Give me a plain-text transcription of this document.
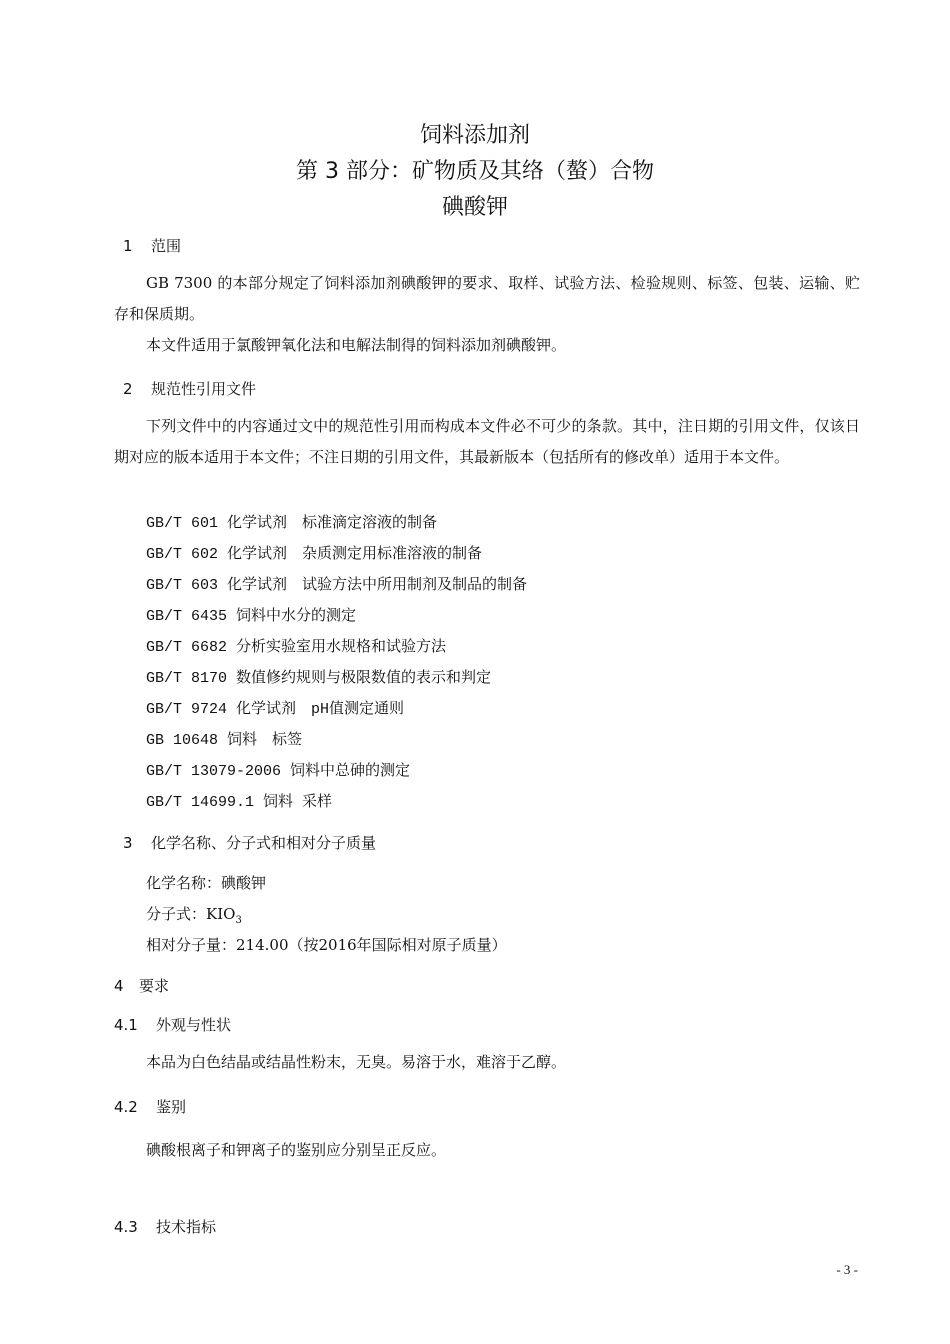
饲料添加剂
第 3 部分：矿物质及其络（螯）合物
碘酸钾
1 范围
GB 7300 的本部分规定了饲料添加剂碘酸钾的要求、取样、试验方法、检验规则、标签、包装、运输、贮存和保质期。
本文件适用于氯酸钾氧化法和电解法制得的饲料添加剂碘酸钾。
2 规范性引用文件
下列文件中的内容通过文中的规范性引用而构成本文件必不可少的条款。其中，注日期的引用文件，仅该日期对应的版本适用于本文件；不注日期的引用文件，其最新版本（包括所有的修改单）适用于本文件。
GB/T 601 化学试剂　标准滴定溶液的制备
GB/T 602 化学试剂　杂质测定用标准溶液的制备
GB/T 603 化学试剂　试验方法中所用制剂及制品的制备
GB/T 6435 饲料中水分的测定
GB/T 6682 分析实验室用水规格和试验方法
GB/T 8170 数值修约规则与极限数值的表示和判定
GB/T 9724 化学试剂　pH值测定通则
GB 10648 饲料　标签
GB/T 13079-2006 饲料中总砷的测定
GB/T 14699.1 饲料 采样
3 化学名称、分子式和相对分子质量
化学名称：碘酸钾
分子式：$KIO_3$
相对分子量：214.00（按2016年国际相对原子质量）
4 要求
4.1 外观与性状
本品为白色结晶或结晶性粉末，无臭。易溶于水，难溶于乙醇。
4.2 鉴别
碘酸根离子和钾离子的鉴别应分别呈正反应。
4.3 技术指标
- 3 -
